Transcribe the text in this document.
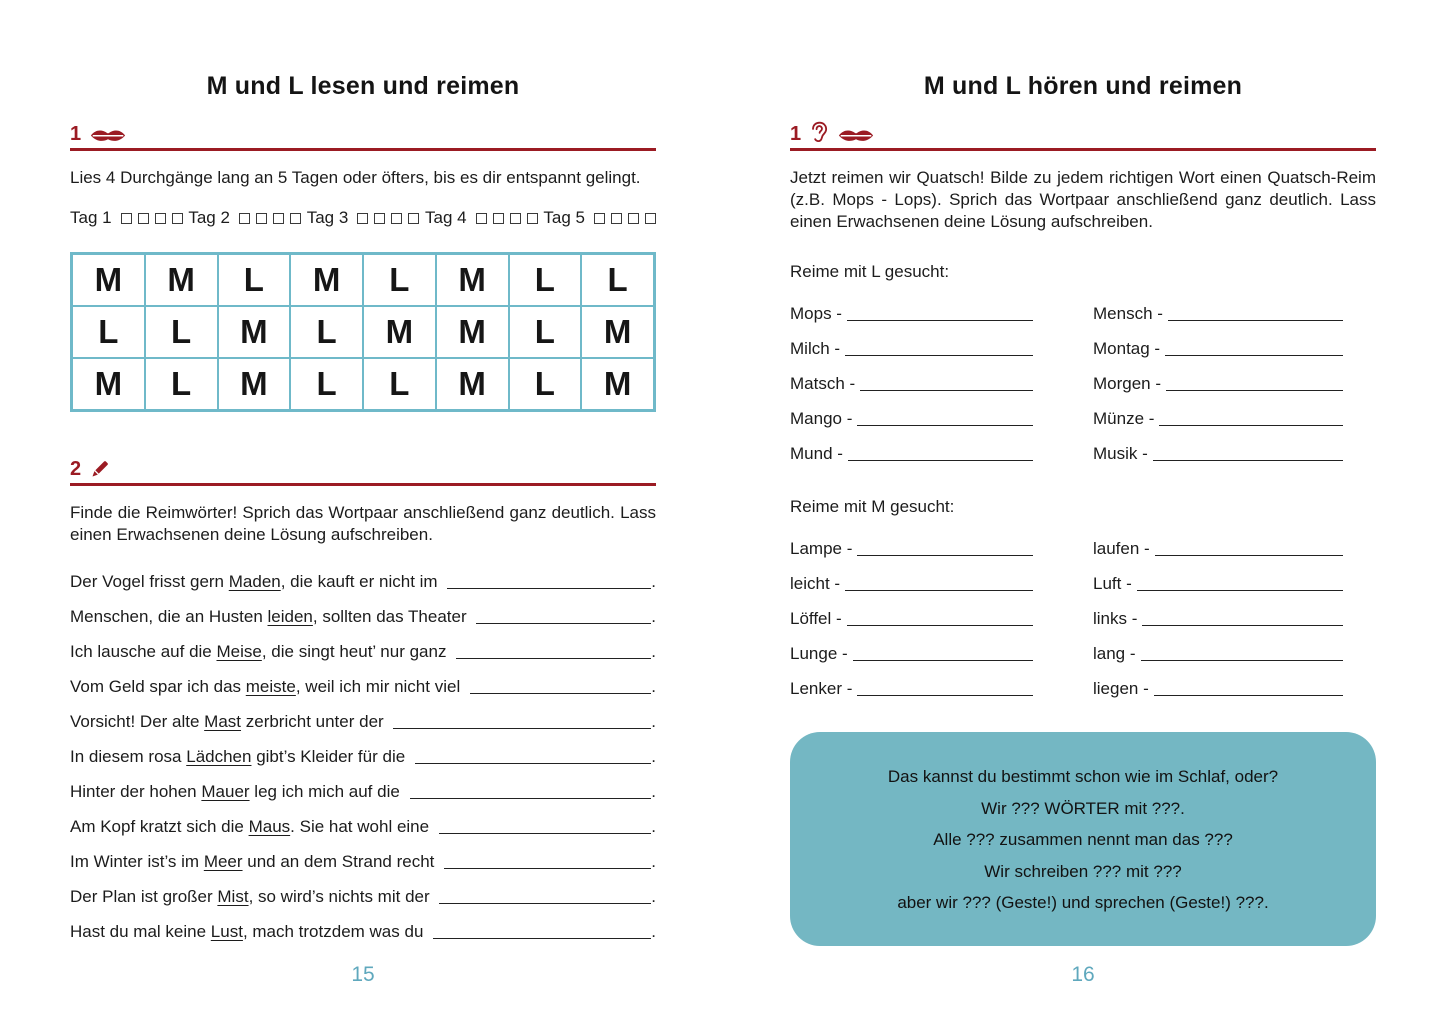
M und L lesen und reimen
1

Lies 4 Durchgänge lang an 5 Tagen oder öfters, bis es dir entspannt gelingt.

Tag 1	Tag 2	Tag 3	Tag 4	Tag 5
M	M	L	M	L	M	L	L
L	L	M	L	M	M	L	M
M	L	M	L	L	M	L	M
2

Finde die Reimwörter! Sprich das Wortpaar anschließend ganz deutlich. Lass einen Erwachsenen deine Lösung aufschreiben.

Der Vogel frisst gern Maden, die kauft er nicht im	.
Menschen, die an Husten leiden, sollten das Theater	.
Ich lausche auf die Meise, die singt heut’ nur ganz	.
Vom Geld spar ich das meiste, weil ich mir nicht viel	.
Vorsicht! Der alte Mast zerbricht unter der	.
In diesem rosa Lädchen gibt’s Kleider für die	.
Hinter der hohen Mauer leg ich mich auf die	.
Am Kopf kratzt sich die Maus. Sie hat wohl eine	.
Im Winter ist’s im Meer und an dem Strand recht	.
Der Plan ist großer Mist, so wird’s nichts mit der	.
Hast du mal keine Lust, mach trotzdem was du	.
15
M und L hören und reimen
1

Jetzt reimen wir Quatsch! Bilde zu jedem richtigen Wort einen Quatsch-Reim (z.B. Mops - Lops). Sprich das Wortpaar anschließend ganz deutlich. Lass einen Erwachsenen deine Lösung aufschreiben.

Reime mit L gesucht:

Mops -	Mensch -
Milch -	Montag -
Matsch -	Morgen -
Mango -	Münze -
Mund -	Musik -

Reime mit M gesucht:

Lampe -	laufen -
leicht -	Luft -
Löffel -	links -
Lunge -	lang -
Lenker -	liegen -
Das kannst du bestimmt schon wie im Schlaf, oder?
Wir ??? WÖRTER mit ???.
Alle ??? zusammen nennt man das ???
Wir schreiben ??? mit ???
aber wir ??? (Geste!) und sprechen (Geste!) ???.
16
